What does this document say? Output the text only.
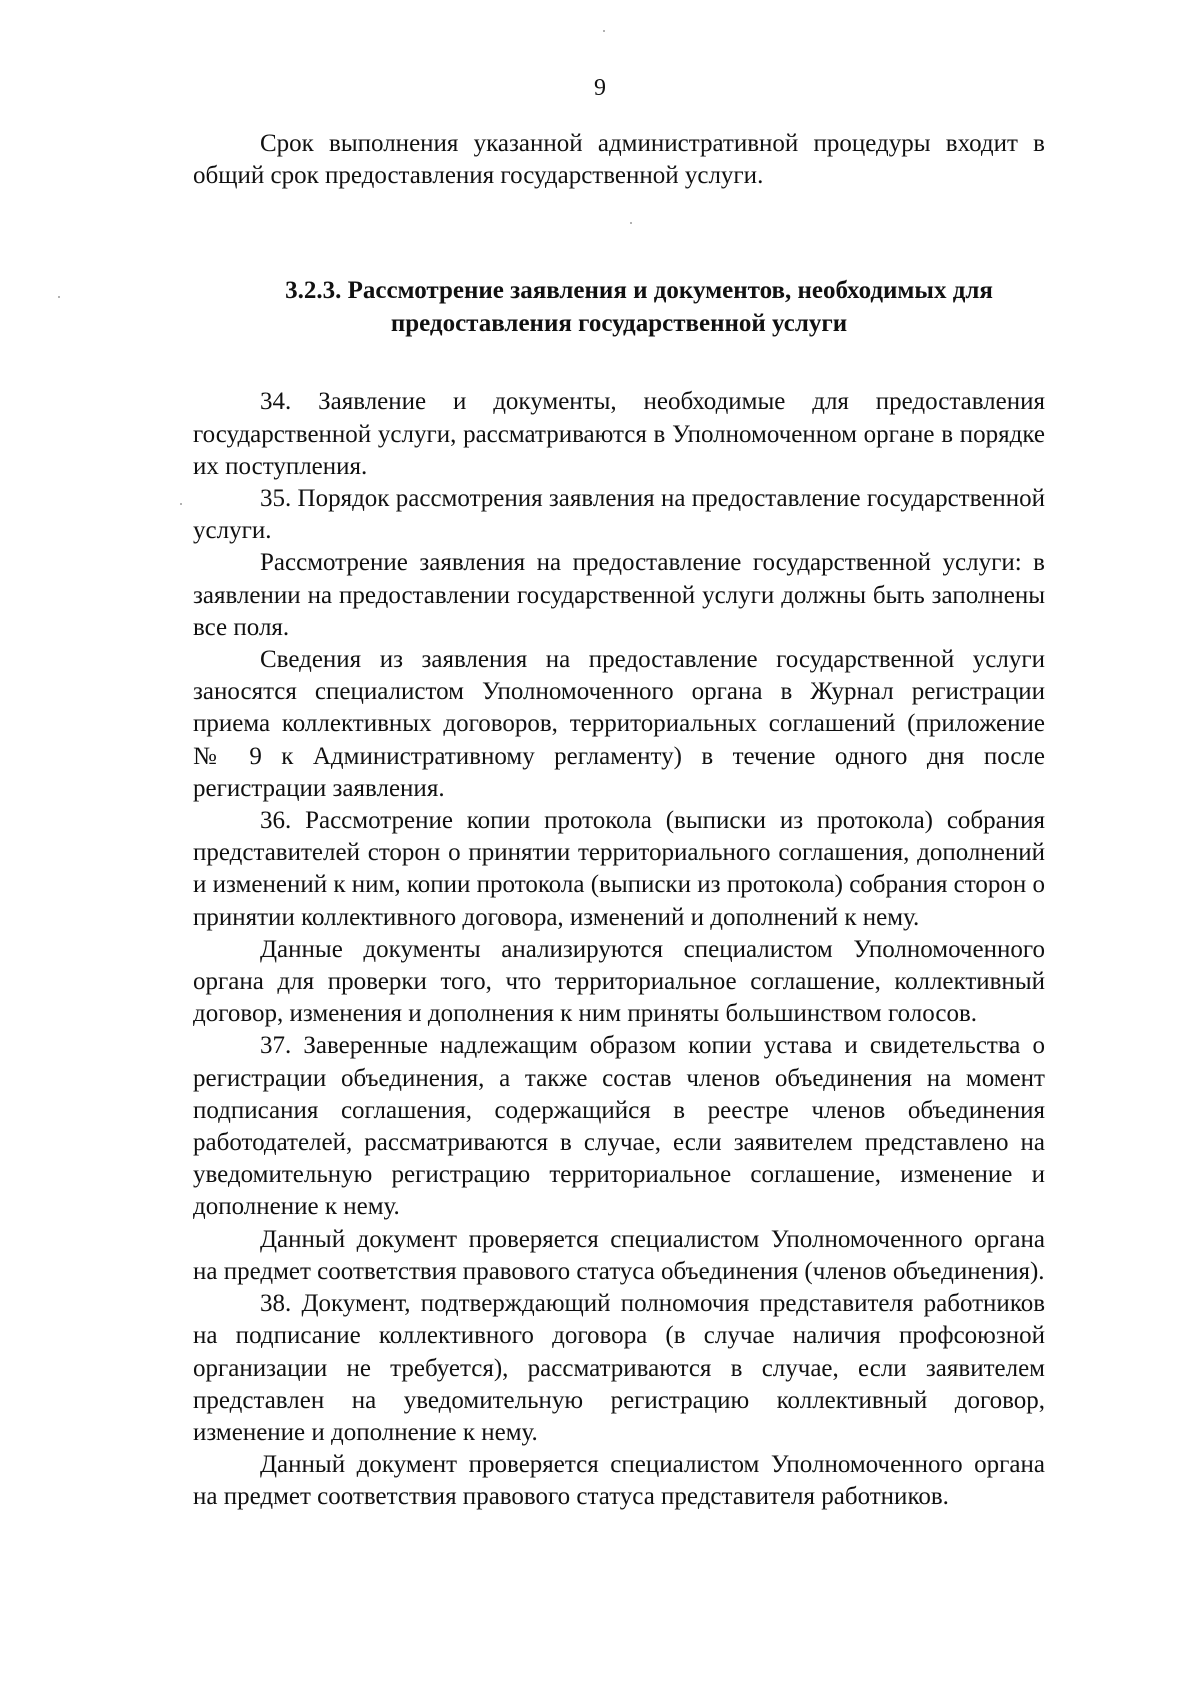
9

Срок выполнения указанной административной процедуры входит в общий срок предоставления государственной услуги.

3.2.3. Рассмотрение заявления и документов, необходимых для
предоставления государственной услуги

34. Заявление и документы, необходимые для предоставления государственной услуги, рассматриваются в Уполномоченном органе в порядке их поступления.

35. Порядок рассмотрения заявления на предоставление государственной услуги.

Рассмотрение заявления на предоставление государственной услуги: в заявлении на предоставлении государственной услуги должны быть заполнены все поля.

Сведения из заявления на предоставление государственной услуги заносятся специалистом Уполномоченного органа в Журнал регистрации приема коллективных договоров, территориальных соглашений (приложение № 9 к Административному регламенту) в течение одного дня после регистрации заявления.

36. Рассмотрение копии протокола (выписки из протокола) собрания представителей сторон о принятии территориального соглашения, дополнений и изменений к ним, копии протокола (выписки из протокола) собрания сторон о принятии коллективного договора, изменений и дополнений к нему.

Данные документы анализируются специалистом Уполномоченного органа для проверки того, что территориальное соглашение, коллективный договор, изменения и дополнения к ним приняты большинством голосов.

37. Заверенные надлежащим образом копии устава и свидетельства о регистрации объединения, а также состав членов объединения на момент подписания соглашения, содержащийся в реестре членов объединения работодателей, рассматриваются в случае, если заявителем представлено на уведомительную регистрацию территориальное соглашение, изменение и дополнение к нему.

Данный документ проверяется специалистом Уполномоченного органа на предмет соответствия правового статуса объединения (членов объединения).

38. Документ, подтверждающий полномочия представителя работников на подписание коллективного договора (в случае наличия профсоюзной организации не требуется), рассматриваются в случае, если заявителем представлен на уведомительную регистрацию коллективный договор, изменение и дополнение к нему.

Данный документ проверяется специалистом Уполномоченного органа на предмет соответствия правового статуса представителя работников.
